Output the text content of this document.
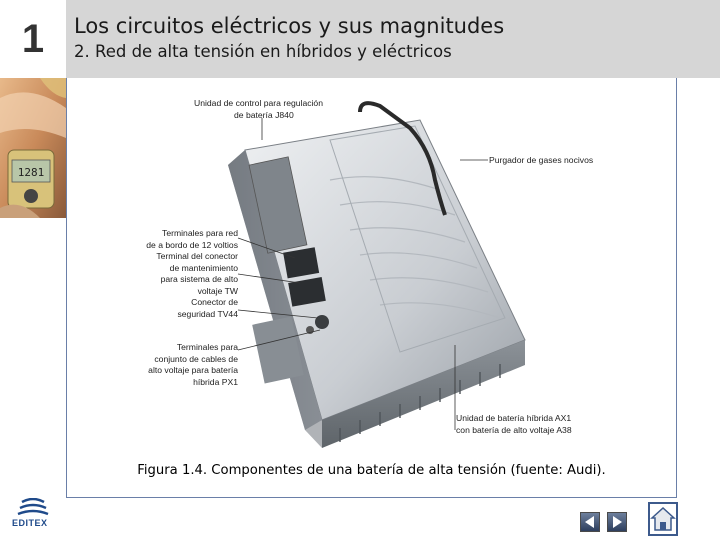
1	Los circuitos eléctricos y sus magnitudes
2. Red de alta tensión en híbridos y eléctricos
1281
Unidad de control para regulación
de batería J840
Purgador de gases nocivos
Terminales para red
de a bordo de 12 voltios
Terminal del conector
de mantenimiento
para sistema de alto
voltaje TW
Conector de
seguridad TV44
Terminales para
conjunto de cables de
alto voltaje para batería
híbrida PX1
Unidad de batería híbrida AX1
con batería de alto voltaje A38
Figura 1.4. Componentes de una batería de alta tensión (fuente: Audi).
EDITEX
